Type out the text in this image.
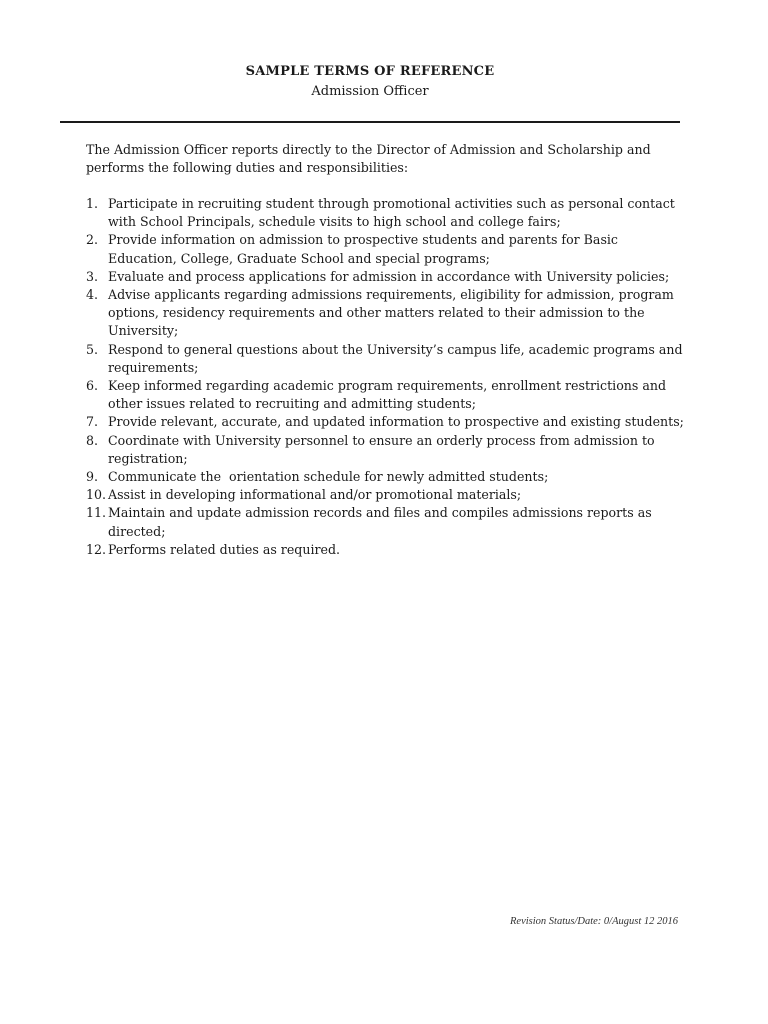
SAMPLE TERMS OF REFERENCE
Admission Officer

The Admission Officer reports directly to the Director of Admission and Scholarship and performs the following duties and responsibilities:

1. Participate in recruiting student through promotional activities such as personal contact with School Principals, schedule visits to high school and college fairs;
2. Provide information on admission to prospective students and parents for Basic Education, College, Graduate School and special programs;
3. Evaluate and process applications for admission in accordance with University policies;
4. Advise applicants regarding admissions requirements, eligibility for admission, program options, residency requirements and other matters related to their admission to the University;
5. Respond to general questions about the University’s campus life, academic programs and requirements;
6. Keep informed regarding academic program requirements, enrollment restrictions and other issues related to recruiting and admitting students;
7. Provide relevant, accurate, and updated information to prospective and existing students;
8. Coordinate with University personnel to ensure an orderly process from admission to registration;
9. Communicate the  orientation schedule for newly admitted students;
10. Assist in developing informational and/or promotional materials;
11. Maintain and update admission records and files and compiles admissions reports as directed;
12. Performs related duties as required.
Revision Status/Date: 0/August 12 2016
